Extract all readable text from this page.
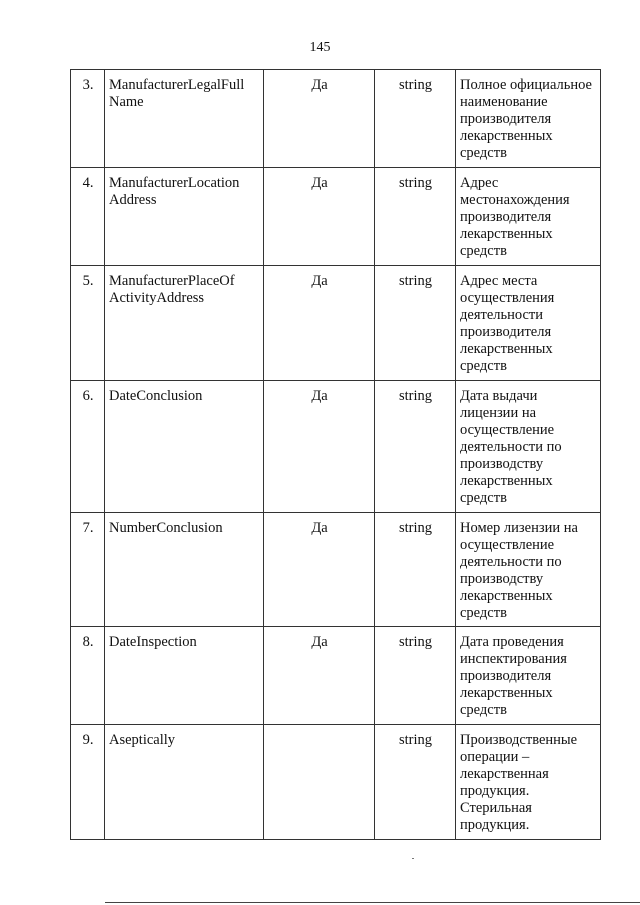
145
3.	ManufacturerLegalFull Name	Да	string	Полное официальное наименование производителя лекарственных средств
4.	ManufacturerLocation Address	Да	string	Адрес местонахождения производителя лекарственных средств
5.	ManufacturerPlaceOf ActivityAddress	Да	string	Адрес места осуществления деятельности производителя лекарственных средств
6.	DateConclusion	Да	string	Дата выдачи лицензии на осуществление деятельности по производству лекарственных средств
7.	NumberConclusion	Да	string	Номер лизензии на осуществление деятельности по производству лекарственных средств
8.	DateInspection	Да	string	Дата проведения инспектирования производителя лекарственных средств
9.	Aseptically		string	Производственные операции – лекарственная продукция. Стерильная продукция.
